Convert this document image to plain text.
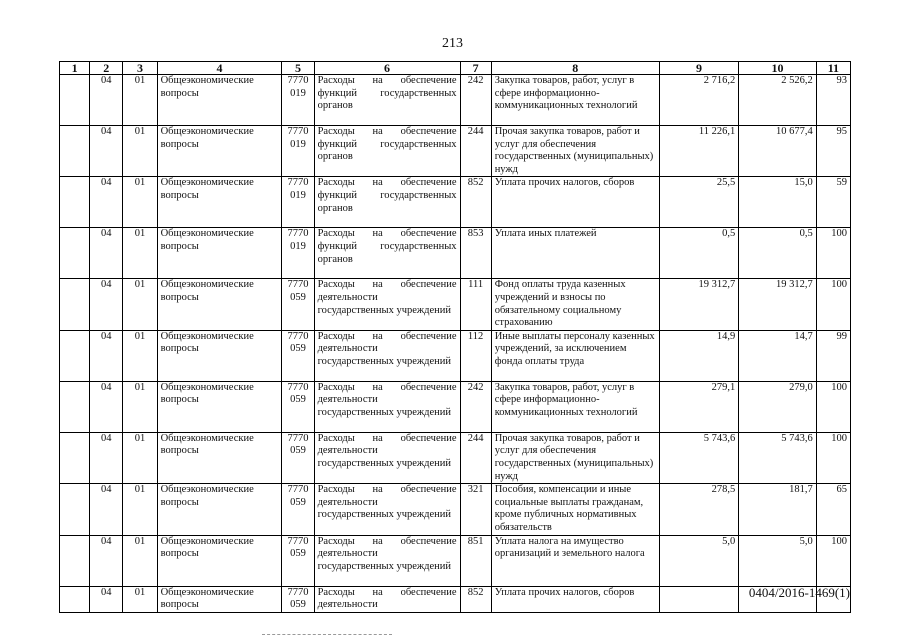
213
1	2	3	4	5	6	7	8	9	10	11
	04	01	Общеэкономические вопросы	7770 019	Расходы на обеспечение функций государственных органов	242	Закупка товаров, работ, услуг в сфере информационно-коммуникационных технологий	2 716,2	2 526,2	93
	04	01	Общеэкономические вопросы	7770 019	Расходы на обеспечение функций государственных органов	244	Прочая закупка товаров, работ и услуг для обеспечения государственных (муниципальных) нужд	11 226,1	10 677,4	95
	04	01	Общеэкономические вопросы	7770 019	Расходы на обеспечение функций государственных органов	852	Уплата прочих налогов, сборов	25,5	15,0	59
	04	01	Общеэкономические вопросы	7770 019	Расходы на обеспечение функций государственных органов	853	Уплата иных платежей	0,5	0,5	100
	04	01	Общеэкономические вопросы	7770 059	Расходы на обеспечение деятельности государственных учреждений	111	Фонд оплаты труда казенных учреждений и взносы по обязательному социальному страхованию	19 312,7	19 312,7	100
	04	01	Общеэкономические вопросы	7770 059	Расходы на обеспечение деятельности государственных учреждений	112	Иные выплаты персоналу казенных учреждений, за исключением фонда оплаты труда	14,9	14,7	99
	04	01	Общеэкономические вопросы	7770 059	Расходы на обеспечение деятельности государственных учреждений	242	Закупка товаров, работ, услуг в сфере информационно-коммуникационных технологий	279,1	279,0	100
	04	01	Общеэкономические вопросы	7770 059	Расходы на обеспечение деятельности государственных учреждений	244	Прочая закупка товаров, работ и услуг для обеспечения государственных (муниципальных) нужд	5 743,6	5 743,6	100
	04	01	Общеэкономические вопросы	7770 059	Расходы на обеспечение деятельности государственных учреждений	321	Пособия, компенсации и иные социальные выплаты гражданам, кроме публичных нормативных обязательств	278,5	181,7	65
	04	01	Общеэкономические вопросы	7770 059	Расходы на обеспечение деятельности государственных учреждений	851	Уплата налога на имущество организаций и земельного налога	5,0	5,0	100
	04	01	Общеэкономические вопросы	7770 059	Расходы на обеспечение деятельности	852	Уплата прочих налогов, сборов				0404/2016-1469(1)
